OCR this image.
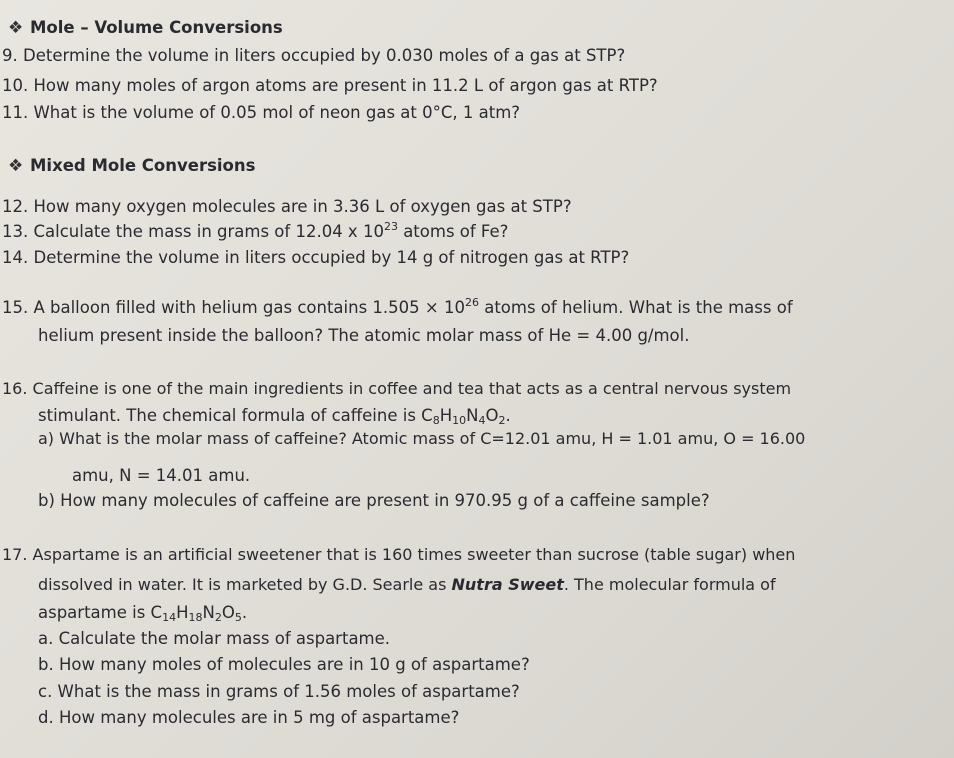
❖ Mole – Volume Conversions
9. Determine the volume in liters occupied by 0.030 moles of a gas at STP?
10. How many moles of argon atoms are present in 11.2 L of argon gas at RTP?
11. What is the volume of 0.05 mol of neon gas at 0°C, 1 atm?
❖ Mixed Mole Conversions
12. How many oxygen molecules are in 3.36 L of oxygen gas at STP?
13. Calculate the mass in grams of 12.04 x $10^{23}$ atoms of Fe?
14. Determine the volume in liters occupied by 14 g of nitrogen gas at RTP?
15. A balloon filled with helium gas contains $1.505 \times 10^{26}$ atoms of helium. What is the mass of
helium present inside the balloon? The atomic molar mass of He = 4.00 g/mol.
16. Caffeine is one of the main ingredients in coffee and tea that acts as a central nervous system
stimulant. The chemical formula of caffeine is $C_8H_{10}N_4O_2$.
a) What is the molar mass of caffeine? Atomic mass of C=12.01 amu, H = 1.01 amu, O = 16.00
amu, N = 14.01 amu.
b) How many molecules of caffeine are present in 970.95 g of a caffeine sample?
17. Aspartame is an artificial sweetener that is 160 times sweeter than sucrose (table sugar) when
dissolved in water. It is marketed by G.D. Searle as Nutra Sweet. The molecular formula of
aspartame is $C_{14}H_{18}N_2O_5$.
a. Calculate the molar mass of aspartame.
b. How many moles of molecules are in 10 g of aspartame?
c. What is the mass in grams of 1.56 moles of aspartame?
d. How many molecules are in 5 mg of aspartame?
